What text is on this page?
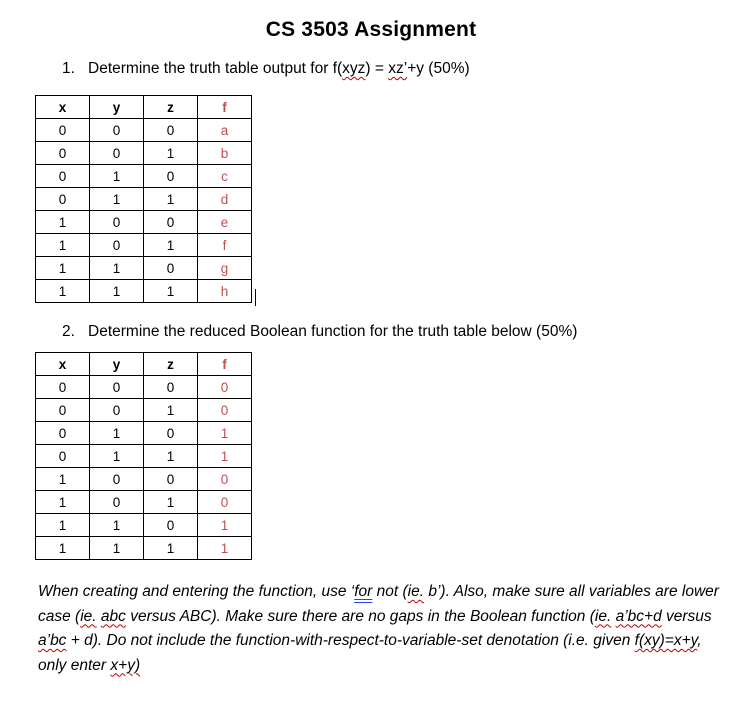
CS 3503 Assignment
1. Determine the truth table output for f(xyz) = xz’+y (50%)
x	y	z	f
0	0	0	a
0	0	1	b
0	1	0	c
0	1	1	d
1	0	0	e
1	0	1	f
1	1	0	g
1	1	1	h
2. Determine the reduced Boolean function for the truth table below (50%)
x	y	z	f
0	0	0	0
0	0	1	0
0	1	0	1
0	1	1	1
1	0	0	0
1	0	1	0
1	1	0	1
1	1	1	1
When creating and entering the function, use ‘for not (ie. b’). Also, make sure all variables are lower case (ie. abc versus ABC). Make sure there are no gaps in the Boolean function (ie. a’bc+d versus a’bc + d). Do not include the function-with-respect-to-variable-set denotation (i.e. given f(xy)=x+y, only enter x+y)
